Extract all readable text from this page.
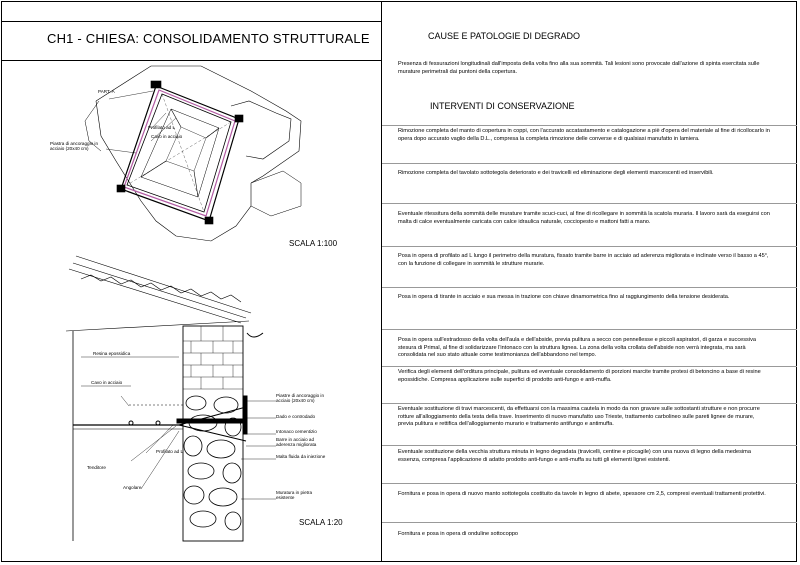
CH1 - CHIESA: CONSOLIDAMENTO STRUTTURALE
PART. A
Profilato ad L
Cavo in acciaio
Piastra di ancoraggio in
acciaio (20x40 cm)
SCALA 1:100
Resina epossidica
Cavo in acciaio
Profilato ad L
Tenditore
Angolare
Piastre di ancoraggio in
acciaio (20x40 cm)
Dado e controdado
Intonaco cementizio
Barre in acciaio ad
aderenza migliorata
Malta fluida da iniezione
Muratura in pietra
esistente
SCALA 1:20
CAUSE E PATOLOGIE DI DEGRADO
Presenza di fessurazioni longitudinali dall'imposta della volta fino alla sua sommità. Tali lesioni sono provocate dall'azione di spinta esercitata sulle murature perimetrali dai puntoni della copertura.
INTERVENTI DI CONSERVAZIONE
Rimozione completa del manto di copertura in coppi, con l'accurato accatastamento e catalogazione a piè d'opera del materiale al fine di ricollocarlo in opera dopo accurato vaglio della D.L., compresa la completa rimozione delle converse e di qualsiasi manufatto in lamiera.
Rimozione completa del tavolato sottotegola deteriorato e dei travicelli ed eliminazione degli elementi marcescenti ed inservibili.
Eventuale ritessitura della sommità delle murature tramite scuci-cuci, al fine di ricollegare in sommità la scatola muraria. Il lavoro sarà da eseguirsi con malta di calce eventualmente caricata con calce idraulica naturale, cocciopesto e mattoni fatti a mano.
Posa in opera di profilato ad L lungo il perimetro della muratura, fissato tramite barre in acciaio ad aderenza migliorata e inclinate verso il basso a 45°, con la funzione di collegare in sommità le strutture murarie.
Posa in opera di tirante in acciaio e sua messa in trazione con chiave dinamometrica fino al raggiungimento della tensione desiderata.
Posa in opera sull'estradosso della volta dell'aula e dell'abside, previa pulitura a secco con pennellesse e piccoli aspiratori, di garza e successiva stesura di Primal, al fine di solidarizzare l'intonaco con la struttura lignea. La zona della volta crollata dell'abside non verrà integrata, ma sarà consolidata nel suo stato attuale come testimonianza dell'abbandono nel tempo.
Verifica degli elementi dell'orditura principale, pulitura ed eventuale consolidamento di porzioni marcite tramite protesi di betoncino a base di resine epossidiche. Compresa applicazione sulle superfici di prodotto anti-fungo e anti-muffa.
Eventuale sostituzione di travi marcescenti, da effettuarsi con la massima cautela in modo da non gravare sulle sottostanti strutture e non procurre rotture all'alloggiamento della testa della trave. Inserimento di nuovo manufatto uso Trieste, trattamento carbolineo sulle pareti lignee de murare, previa pulitura e rettifica dell'alloggiamento murario e trattamento antifungo e antimuffa.
Eventuale sostituzione della vecchia struttura minuta in legno degradata (travicelli, centine e piccagile) con una nuova di legno della medesima essenza, compresa l'applicazione di adatto prodotto anti-fungo e anti-muffa su tutti gli elementi lignei esistenti.
Fornitura e posa in opera di nuovo manto sottotegola costituito da tavole in legno di abete, spessore cm 2,5, compresi eventuali trattamenti protettivi.
Fornitura e posa in opera di onduline sottocoppo
